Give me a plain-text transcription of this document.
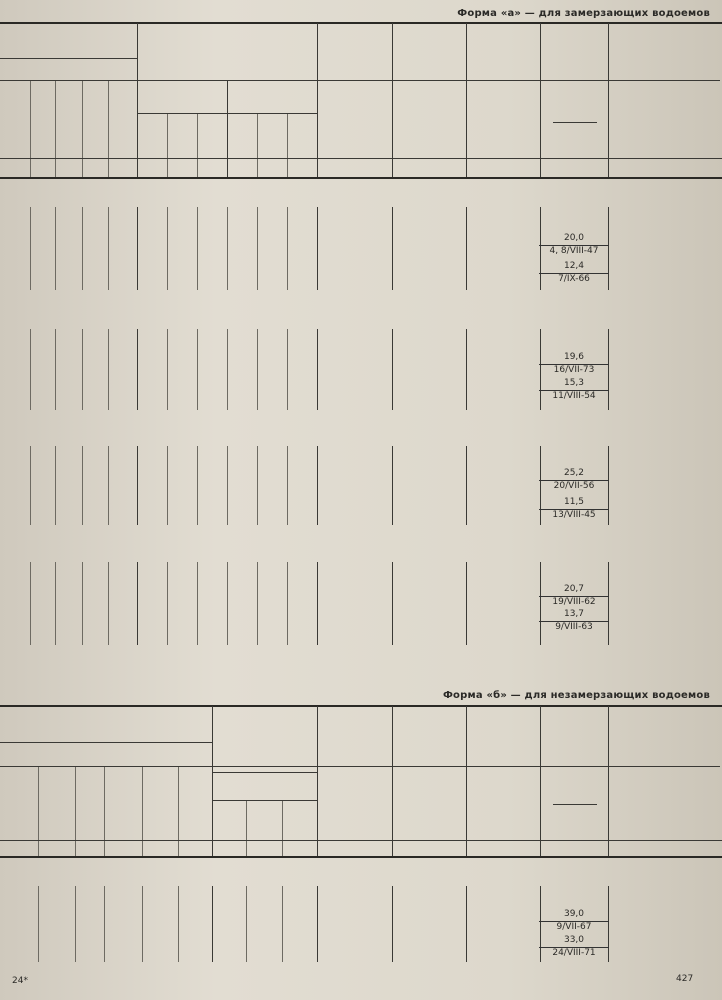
Форма «а» — для замерзающих водоемов
20,0
4, 8/VIII-47
$\frac{12,4}{7/IX-66}$
19,6
16/VII-73
15,3
11/VIII-54
25,2
20/VII-56
11,5
13/VIII-45
20,7
19/VIII-62
13,7
9/VIII-63
Форма «б» — для незамерзающих водоемов
39,0
9/VII-67
33,0
24/VIII-71
24*	427
